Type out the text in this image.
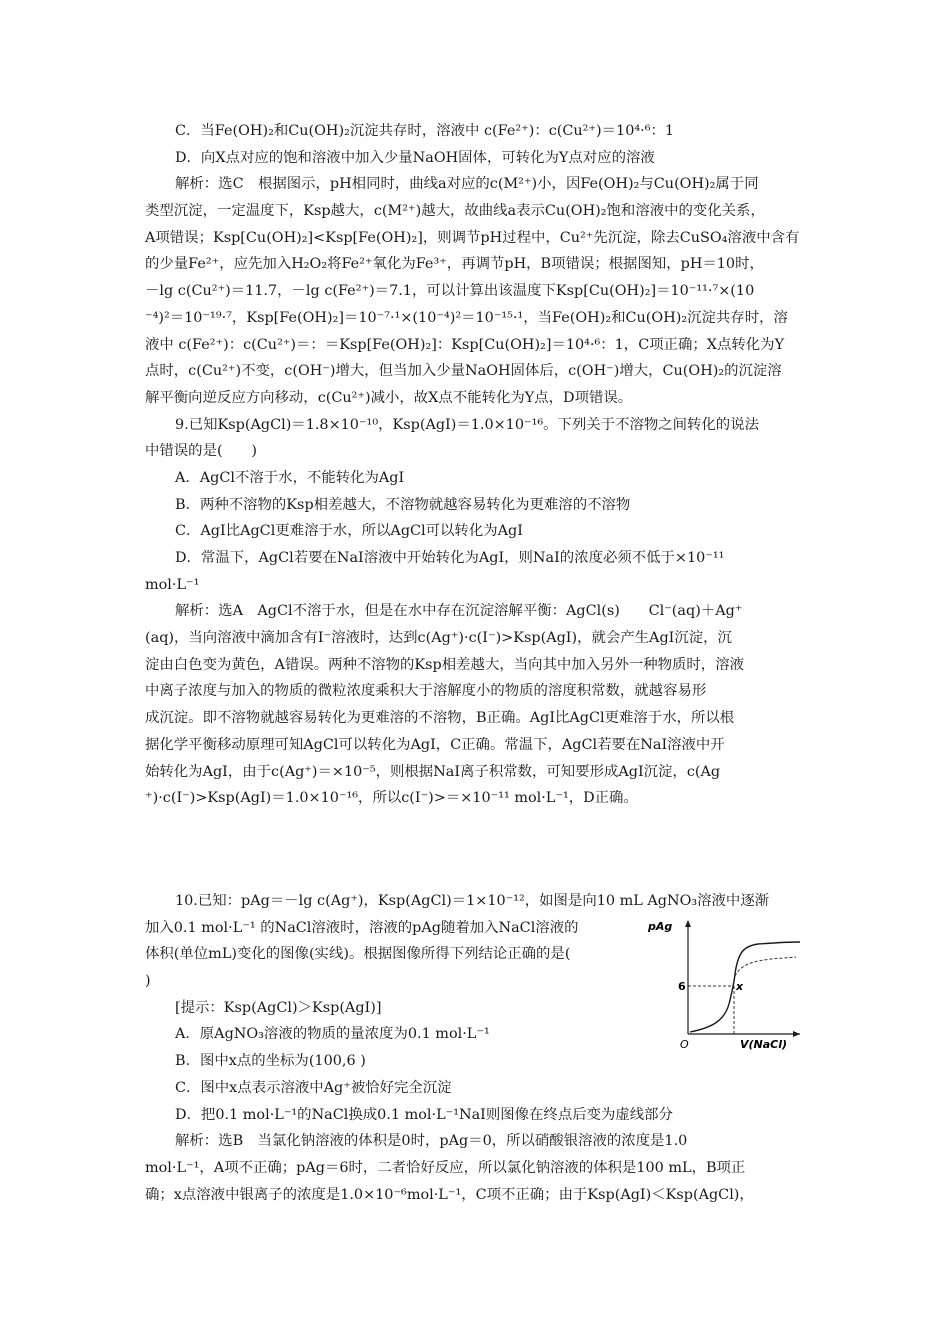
C．当Fe(OH)₂和Cu(OH)₂沉淀共存时，溶液中 c(Fe²⁺)：c(Cu²⁺)＝10⁴·⁶：1
D．向X点对应的饱和溶液中加入少量NaOH固体，可转化为Y点对应的溶液
解析：选C　根据图示，pH相同时，曲线a对应的c(M²⁺)小，因Fe(OH)₂与Cu(OH)₂属于同
类型沉淀，一定温度下，Ksp越大，c(M²⁺)越大，故曲线a表示Cu(OH)₂饱和溶液中的变化关系，
A项错误；Ksp[Cu(OH)₂]<Ksp[Fe(OH)₂]，则调节pH过程中，Cu²⁺先沉淀，除去CuSO₄溶液中含有
的少量Fe²⁺，应先加入H₂O₂将Fe²⁺氧化为Fe³⁺，再调节pH，B项错误；根据图知，pH＝10时，
－lg c(Cu²⁺)＝11.7，－lg c(Fe²⁺)＝7.1，可以计算出该温度下Ksp[Cu(OH)₂]＝10⁻¹¹·⁷×(10
⁻⁴)²＝10⁻¹⁹·⁷，Ksp[Fe(OH)₂]＝10⁻⁷·¹×(10⁻⁴)²＝10⁻¹⁵·¹，当Fe(OH)₂和Cu(OH)₂沉淀共存时，溶
液中 c(Fe²⁺)：c(Cu²⁺)＝：＝Ksp[Fe(OH)₂]：Ksp[Cu(OH)₂]＝10⁴·⁶：1，C项正确；X点转化为Y
点时，c(Cu²⁺)不变，c(OH⁻)增大，但当加入少量NaOH固体后，c(OH⁻)增大，Cu(OH)₂的沉淀溶
解平衡向逆反应方向移动，c(Cu²⁺)减小，故X点不能转化为Y点，D项错误。
9.已知Ksp(AgCl)＝1.8×10⁻¹⁰，Ksp(AgI)＝1.0×10⁻¹⁶。下列关于不溶物之间转化的说法
中错误的是(　　)
A．AgCl不溶于水，不能转化为AgI
B．两种不溶物的Ksp相差越大，不溶物就越容易转化为更难溶的不溶物
C．AgI比AgCl更难溶于水，所以AgCl可以转化为AgI
D．常温下，AgCl若要在NaI溶液中开始转化为AgI，则NaI的浓度必须不低于×10⁻¹¹
mol·L⁻¹
解析：选A　AgCl不溶于水，但是在水中存在沉淀溶解平衡：AgCl(s)　　Cl⁻(aq)＋Ag⁺
(aq)，当向溶液中滴加含有I⁻溶液时，达到c(Ag⁺)·c(I⁻)>Ksp(AgI)，就会产生AgI沉淀，沉
淀由白色变为黄色，A错误。两种不溶物的Ksp相差越大，当向其中加入另外一种物质时，溶液
中离子浓度与加入的物质的微粒浓度乘积大于溶解度小的物质的溶度积常数，就越容易形
成沉淀。即不溶物就越容易转化为更难溶的不溶物，B正确。AgI比AgCl更难溶于水，所以根
据化学平衡移动原理可知AgCl可以转化为AgI，C正确。常温下，AgCl若要在NaI溶液中开
始转化为AgI，由于c(Ag⁺)＝×10⁻⁵，则根据NaI离子积常数，可知要形成AgI沉淀，c(Ag
⁺)·c(I⁻)>Ksp(AgI)＝1.0×10⁻¹⁶，所以c(I⁻)>＝×10⁻¹¹ mol·L⁻¹，D正确。
10.已知：pAg＝－lg c(Ag⁺)，Ksp(AgCl)＝1×10⁻¹²，如图是向10 mL AgNO₃溶液中逐渐
加入0.1 mol·L⁻¹ 的NaCl溶液时，溶液的pAg随着加入NaCl溶液的
体积(单位mL)变化的图像(实线)。根据图像所得下列结论正确的是(
)
[提示：Ksp(AgCl)＞Ksp(AgI)]
A．原AgNO₃溶液的物质的量浓度为0.1 mol·L⁻¹
B．图中x点的坐标为(100,6 )
C．图中x点表示溶液中Ag⁺被恰好完全沉淀
D．把0.1 mol·L⁻¹的NaCl换成0.1 mol·L⁻¹NaI则图像在终点后变为虚线部分
解析：选B　当氯化钠溶液的体积是0时，pAg＝0，所以硝酸银溶液的浓度是1.0
mol·L⁻¹，A项不正确；pAg＝6时，二者恰好反应，所以氯化钠溶液的体积是100 mL，B项正
确；x点溶液中银离子的浓度是1.0×10⁻⁶mol·L⁻¹，C项不正确；由于Ksp(AgI)＜Ksp(AgCl)，
pAg
V(NaCl)
O
6	x
